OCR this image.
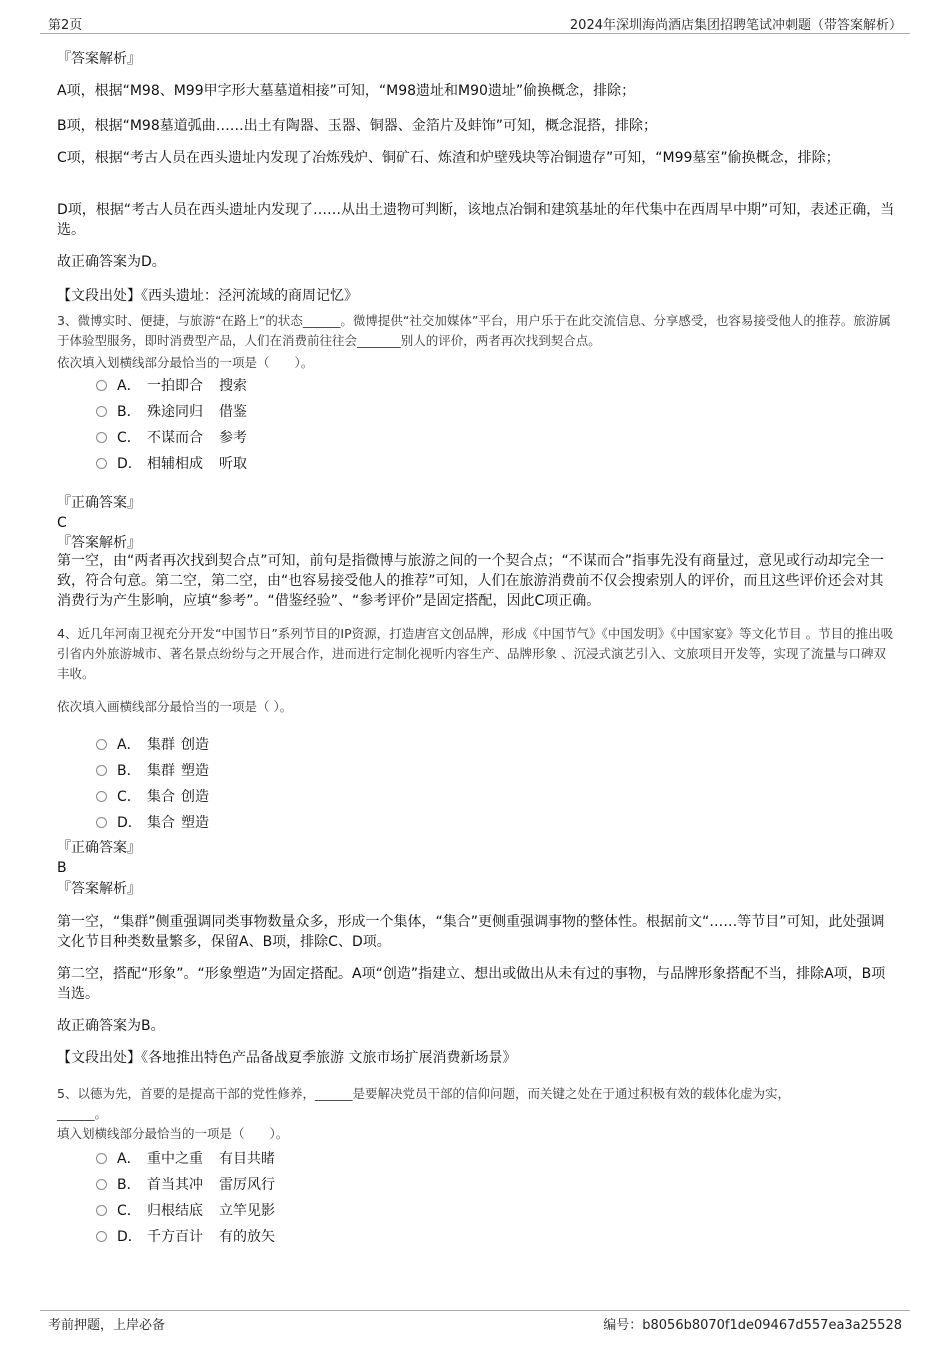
第2页	2024年深圳海尚酒店集团招聘笔试冲刺题（带答案解析）
『答案解析』
A项，根据“M98、M99甲字形大墓墓道相接”可知，“M98遗址和M90遗址”偷换概念，排除；
B项，根据“M98墓道弧曲……出土有陶器、玉器、铜器、金箔片及蚌饰”可知，概念混搭，排除；
C项，根据“考古人员在西头遗址内发现了冶炼残炉、铜矿石、炼渣和炉壁残块等冶铜遗存”可知，“M99墓室”偷换概念，排除；
D项，根据“考古人员在西头遗址内发现了……从出土遗物可判断，该地点冶铜和建筑基址的年代集中在西周早中期”可知，表述正确，当选。
故正确答案为D。
【文段出处】《西头遗址：泾河流域的商周记忆》
3、微博实时、便捷，与旅游“在路上”的状态______。微博提供“社交加媒体”平台，用户乐于在此交流信息、分享感受，也容易接受他人的推荐。旅游属于体验型服务，即时消费型产品，人们在消费前往往会_______别人的评价，两者再次找到契合点。
依次填入划横线部分最恰当的一项是（　　）。
A． 一拍即合 搜索
B． 殊途同归 借鉴
C． 不谋而合 参考
D． 相辅相成 听取
『正确答案』
C
『答案解析』
第一空，由“两者再次找到契合点”可知，前句是指微博与旅游之间的一个契合点；“不谋而合”指事先没有商量过，意见或行动却完全一致，符合句意。第二空，第二空，由“也容易接受他人的推荐”可知，人们在旅游消费前不仅会搜索别人的评价，而且这些评价还会对其消费行为产生影响，应填“参考”。“借鉴经验”、“参考评价”是固定搭配，因此C项正确。
4、近几年河南卫视充分开发“中国节日”系列节目的IP资源，打造唐宫文创品牌，形成《中国节气》《中国发明》《中国家宴》等文化节目 。节目的推出吸引省内外旅游城市、著名景点纷纷与之开展合作，进而进行定制化视听内容生产、品牌形象 、沉浸式演艺引入、文旅项目开发等，实现了流量与口碑双丰收。
依次填入画横线部分最恰当的一项是（ ）。
A． 集群 创造
B． 集群 塑造
C． 集合 创造
D． 集合 塑造
『正确答案』
B
『答案解析』
第一空，“集群”侧重强调同类事物数量众多，形成一个集体，“集合”更侧重强调事物的整体性。根据前文“……等节目”可知，此处强调文化节目种类数量繁多，保留A、B项，排除C、D项。
第二空，搭配“形象”。“形象塑造”为固定搭配。A项“创造”指建立、想出或做出从未有过的事物，与品牌形象搭配不当，排除A项，B项当选。
故正确答案为B。
【文段出处】《各地推出特色产品备战夏季旅游 文旅市场扩展消费新场景》
5、以德为先，首要的是提高干部的党性修养，______是要解决党员干部的信仰问题，而关键之处在于通过积极有效的载体化虚为实，______。
填入划横线部分最恰当的一项是（　　）。
A． 重中之重 有目共睹
B． 首当其冲 雷厉风行
C． 归根结底 立竿见影
D． 千方百计 有的放矢
考前押题，上岸必备	编号：b8056b8070f1de09467d557ea3a25528
